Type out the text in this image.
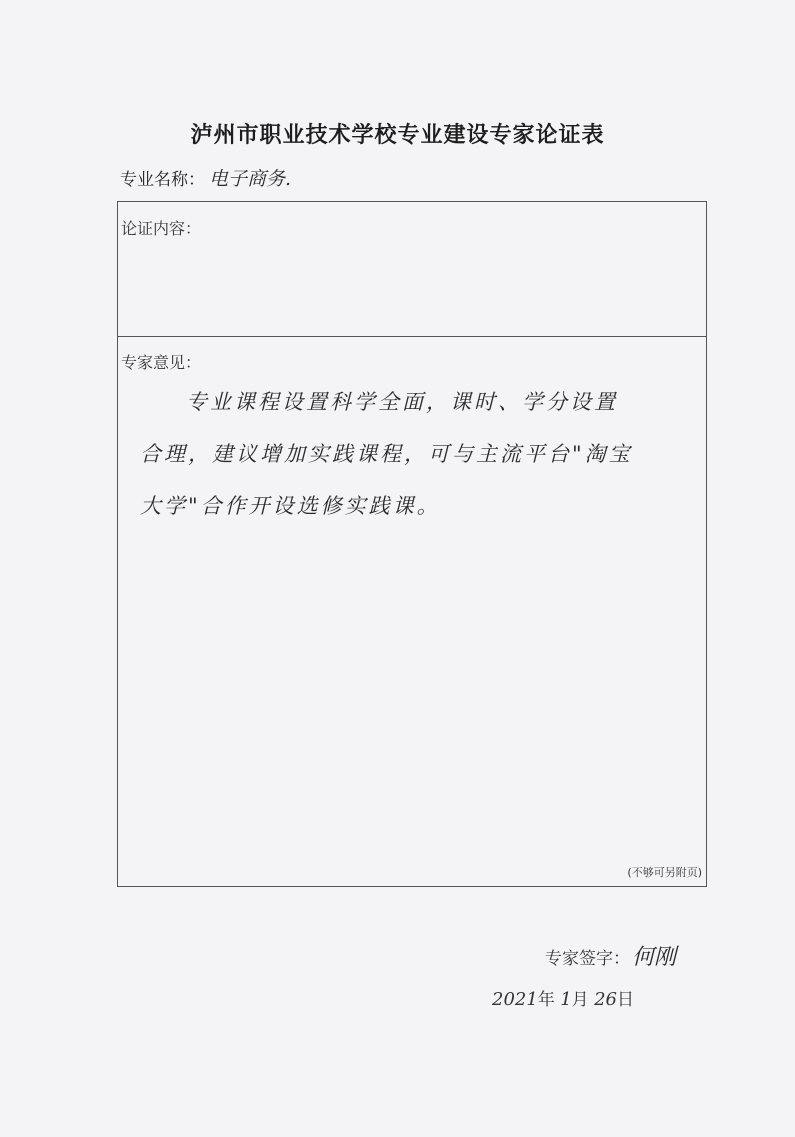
泸州市职业技术学校专业建设专家论证表
专业名称： 电子商务.
论证内容：
专家意见：
专业课程设置科学全面，课时、学分设置
合理，建议增加实践课程，可与主流平台"淘宝
大学"合作开设选修实践课。
(不够可另附页)
专家签字：何刚
2021年 1月 26日
